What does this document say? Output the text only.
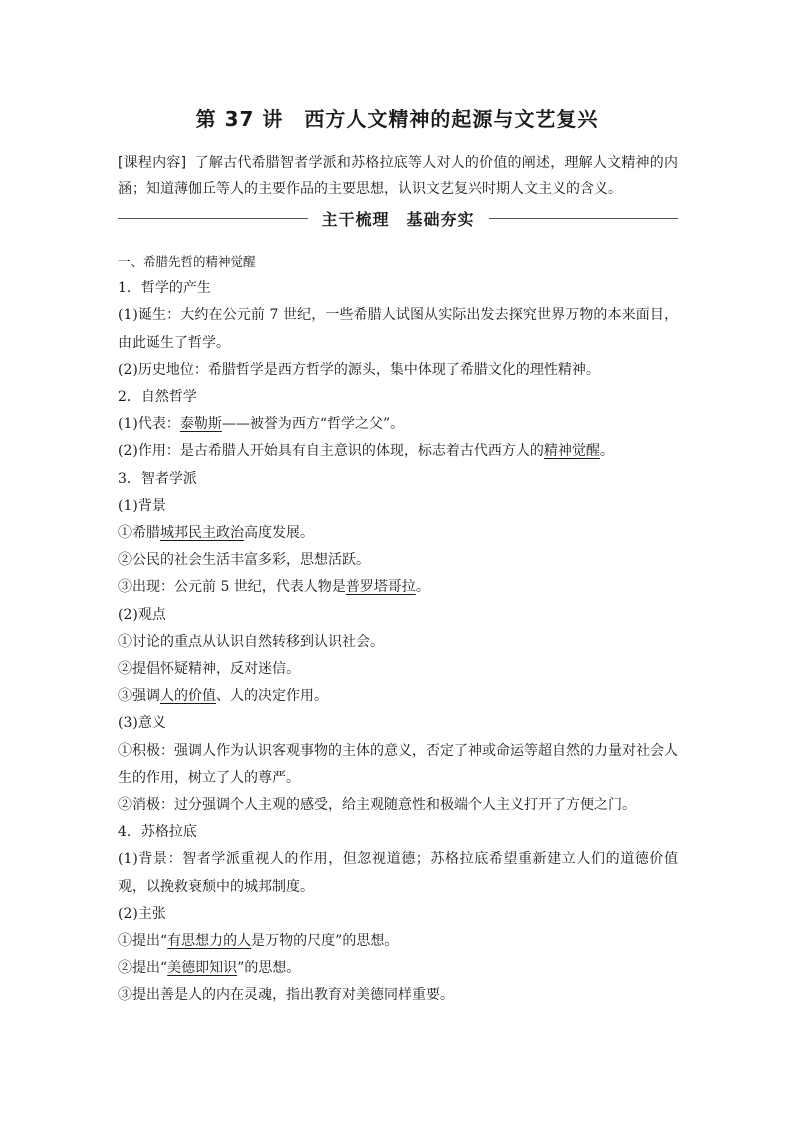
第 37 讲　西方人文精神的起源与文艺复兴
[课程内容] 了解古代希腊智者学派和苏格拉底等人对人的价值的阐述，理解人文精神的内涵；知道薄伽丘等人的主要作品的主要思想，认识文艺复兴时期人文主义的含义。
主干梳理　基础夯实

一、希腊先哲的精神觉醒

1．哲学的产生

(1)诞生：大约在公元前 7 世纪，一些希腊人试图从实际出发去探究世界万物的本来面目，由此诞生了哲学。

(2)历史地位：希腊哲学是西方哲学的源头，集中体现了希腊文化的理性精神。

2．自然哲学

(1)代表：泰勒斯——被誉为西方“哲学之父”。

(2)作用：是古希腊人开始具有自主意识的体现，标志着古代西方人的精神觉醒。

3．智者学派

(1)背景

①希腊城邦民主政治高度发展。

②公民的社会生活丰富多彩，思想活跃。

③出现：公元前 5 世纪，代表人物是普罗塔哥拉。

(2)观点

①讨论的重点从认识自然转移到认识社会。

②提倡怀疑精神，反对迷信。

③强调人的价值、人的决定作用。

(3)意义

①积极：强调人作为认识客观事物的主体的意义，否定了神或命运等超自然的力量对社会人生的作用，树立了人的尊严。

②消极：过分强调个人主观的感受，给主观随意性和极端个人主义打开了方便之门。

4．苏格拉底

(1)背景：智者学派重视人的作用，但忽视道德；苏格拉底希望重新建立人们的道德价值观，以挽救衰颓中的城邦制度。

(2)主张

①提出“有思想力的人是万物的尺度”的思想。

②提出“美德即知识”的思想。

③提出善是人的内在灵魂，指出教育对美德同样重要。
